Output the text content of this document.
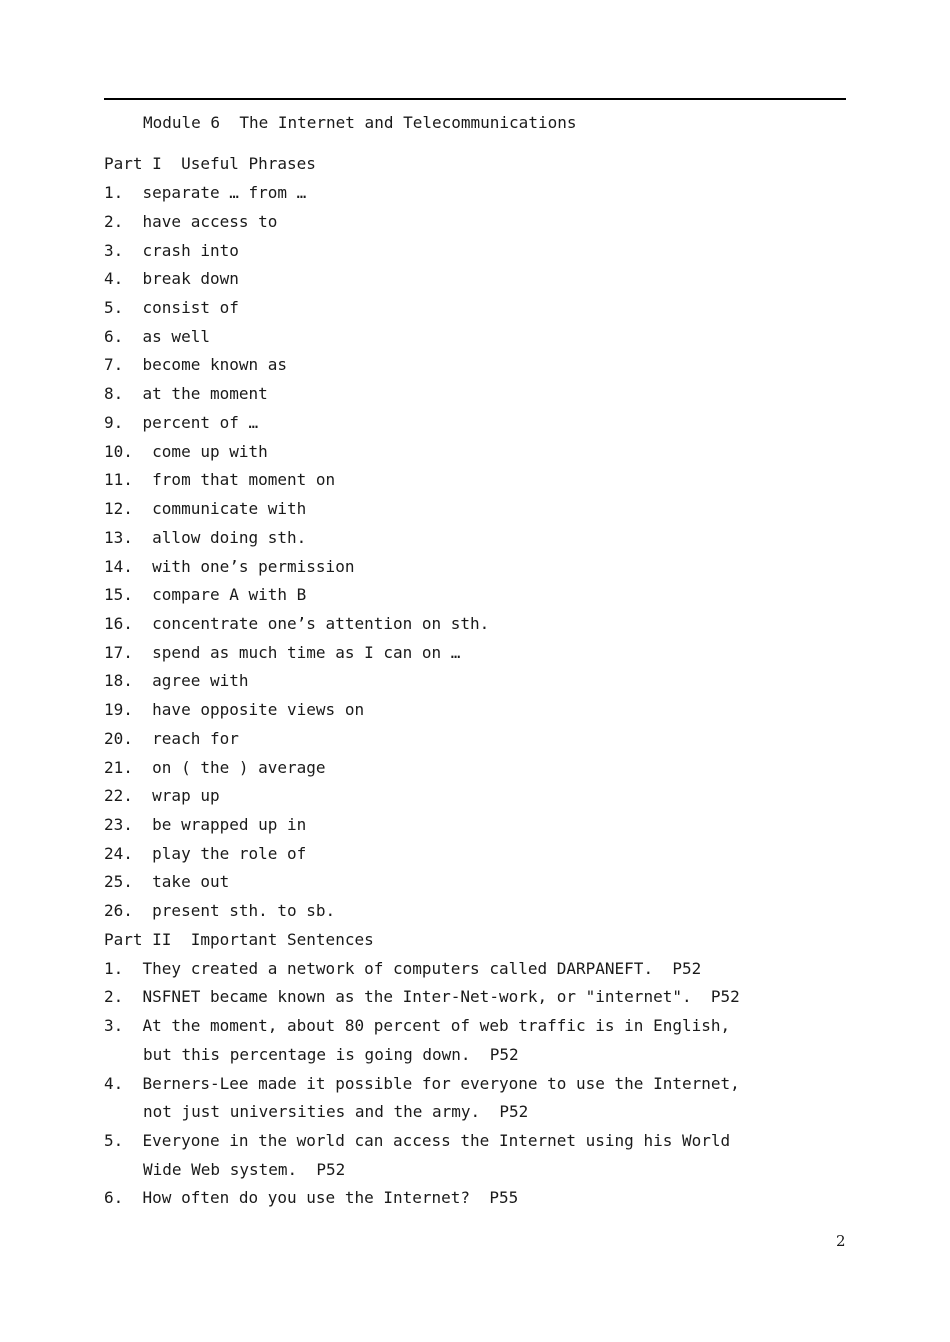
Module 6  The Internet and Telecommunications
Part I  Useful Phrases
1.  separate … from …
2.  have access to
3.  crash into
4.  break down
5.  consist of
6.  as well
7.  become known as
8.  at the moment
9.  percent of …
10.  come up with
11.  from that moment on
12.  communicate with
13.  allow doing sth.
14.  with one’s permission
15.  compare A with B
16.  concentrate one’s attention on sth.
17.  spend as much time as I can on …
18.  agree with
19.  have opposite views on
20.  reach for
21.  on ( the ) average
22.  wrap up
23.  be wrapped up in
24.  play the role of
25.  take out
26.  present sth. to sb.
Part II  Important Sentences
1.  They created a network of computers called DARPANEFT.  P52
2.  NSFNET became known as the Inter-Net-work, or "internet".  P52
3.  At the moment, about 80 percent of web traffic is in English,
but this percentage is going down.  P52
4.  Berners-Lee made it possible for everyone to use the Internet,
not just universities and the army.  P52
5.  Everyone in the world can access the Internet using his World
Wide Web system.  P52
6.  How often do you use the Internet?  P55
2
